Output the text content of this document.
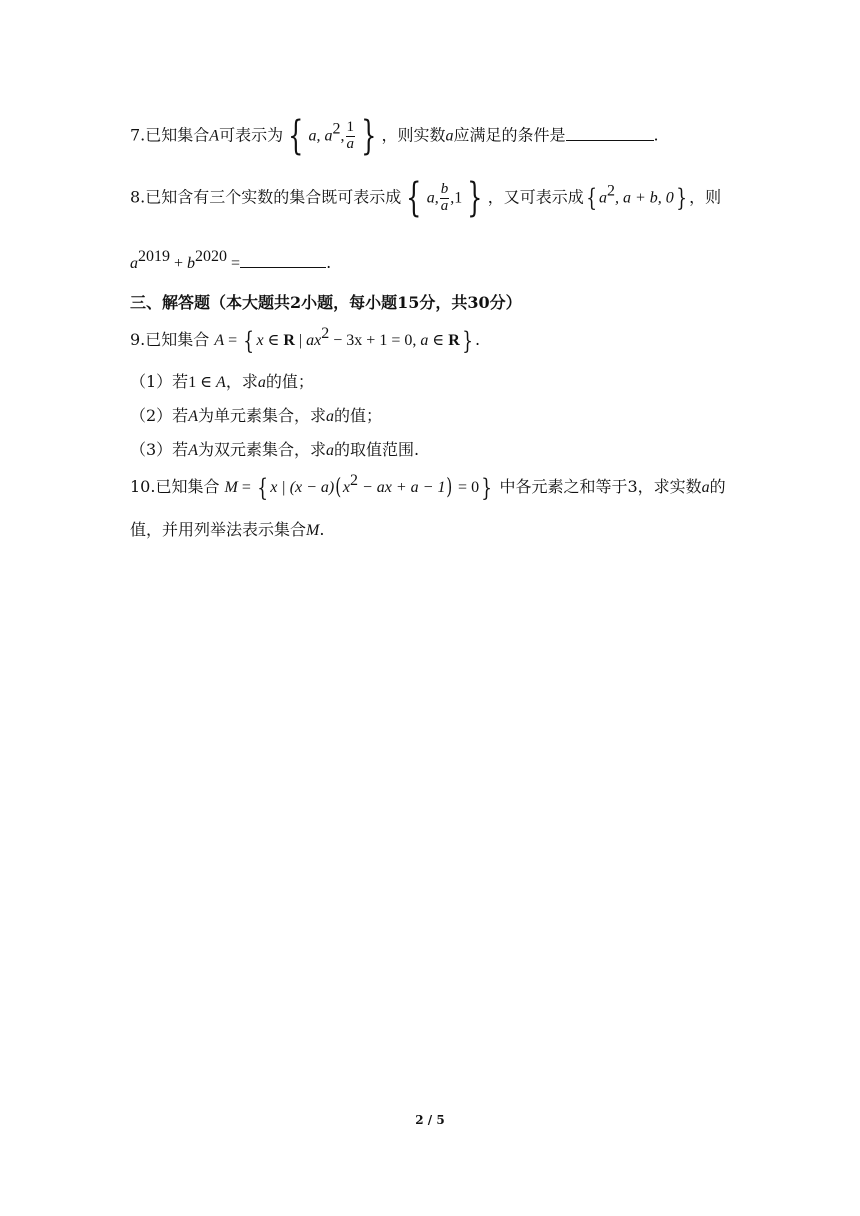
7.已知集合A可表示为 { a, $a^2$, $\frac{1}{a}$ } ，则实数a应满足的条件是	.
8.已知含有三个实数的集合既可表示成 { a, $\frac{b}{a} ,1$ } ，又可表示成{ $a^2$, a + b, 0} ，则
$a^{2019} + b^{2020}$ =	.
三、解答题（本大题共2小题，每小题15分，共30分）
9.已知集合 A = { x ∈ R | $ax^2 - 3x + 1 = 0$, a ∈ R} .
（1）若1 ∈ A，求a的值；
（2）若A为单元素集合，求a的值；
（3）若A为双元素集合，求a的取值范围.
10.已知集合 M = { x | $(x - a)(x^2$ − ax + a − 1) = 0} 中各元素之和等于3，求实数a的
值，并用列举法表示集合M.
2 / 5
